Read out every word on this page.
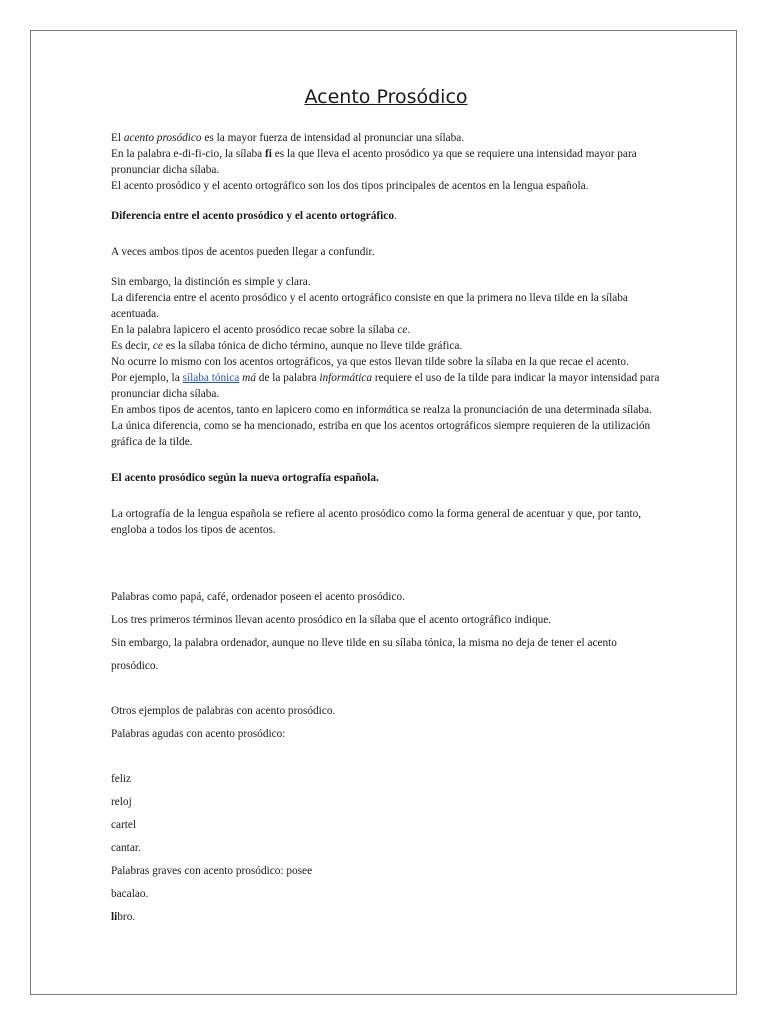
Acento Prosódico

El acento prosódico es la mayor fuerza de intensidad al pronunciar una sílaba.

En la palabra e-di-fi-cio, la sílaba fi es la que lleva el acento prosódico ya que se requiere una intensidad mayor para pronunciar dicha sílaba.

El acento prosódico y el acento ortográfico son los dos tipos principales de acentos en la lengua española.

Diferencia entre el acento prosódico y el acento ortográfico.

A veces ambos tipos de acentos pueden llegar a confundir.

Sin embargo, la distinción es simple y clara.

La diferencia entre el acento prosódico y el acento ortográfico consiste en que la primera no lleva tilde en la sílaba acentuada.

En la palabra lapicero el acento prosódico recae sobre la sílaba ce.

Es decir, ce es la sílaba tónica de dicho término, aunque no lleve tilde gráfica.

No ocurre lo mismo con los acentos ortográficos, ya que estos llevan tilde sobre la sílaba en la que recae el acento.

Por ejemplo, la sílaba tónica má de la palabra informática requiere el uso de la tilde para indicar la mayor intensidad para pronunciar dicha sílaba.

En ambos tipos de acentos, tanto en lapicero como en informática se realza la pronunciación de una determinada sílaba.

La única diferencia, como se ha mencionado, estriba en que los acentos ortográficos siempre requieren de la utilización gráfica de la tilde.

El acento prosódico según la nueva ortografía española.

La ortografía de la lengua española se refiere al acento prosódico como la forma general de acentuar y que, por tanto, engloba a todos los tipos de acentos.

Palabras como papá, café, ordenador poseen el acento prosódico.

Los tres primeros términos llevan acento prosódico en la sílaba que el acento ortográfico indique.

Sin embargo, la palabra ordenador, aunque no lleve tilde en su sílaba tónica, la misma no deja de tener el acento prosódico.

Otros ejemplos de palabras con acento prosódico.

Palabras agudas con acento prosódico:

feliz

reloj

cartel

cantar.

Palabras graves con acento prosódico: posee

bacalao.

libro.
